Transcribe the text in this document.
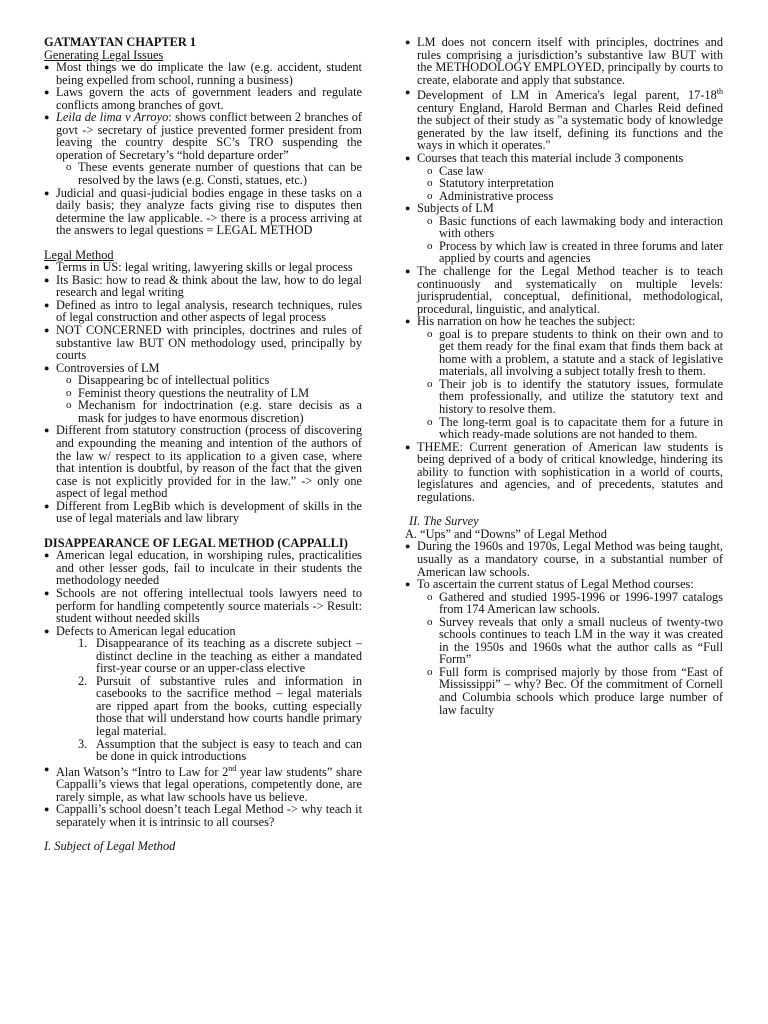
GATMAYTAN CHAPTER 1
Generating Legal Issues
● Most things we do implicate the law (e.g. accident, student being expelled from school, running a business)
● Laws govern the acts of government leaders and regulate conflicts among branches of govt.
● Leila de lima v Arroyo: shows conflict between 2 branches of govt -> secretary of justice prevented former president from leaving the country despite SC’s TRO suspending the operation of Secretary’s “hold departure order”
o These events generate number of questions that can be resolved by the laws (e.g. Consti, statues, etc.)
● Judicial and quasi-judicial bodies engage in these tasks on a daily basis; they analyze facts giving rise to disputes then determine the law applicable. -> there is a process arriving at the answers to legal questions = LEGAL METHOD
Legal Method
● Terms in US: legal writing, lawyering skills or legal process
● Its Basic: how to read & think about the law, how to do legal research and legal writing
● Defined as intro to legal analysis, research techniques, rules of legal construction and other aspects of legal process
● NOT CONCERNED with principles, doctrines and rules of substantive law BUT ON methodology used, principally by courts
● Controversies of LM
o Disappearing bc of intellectual politics
o Feminist theory questions the neutrality of LM
o Mechanism for indoctrination (e.g. stare decisis as a mask for judges to have enormous discretion)
● Different from statutory construction (process of discovering and expounding the meaning and intention of the authors of the law w/ respect to its application to a given case, where that intention is doubtful, by reason of the fact that the given case is not explicitly provided for in the law.” -> only one aspect of legal method
● Different from LegBib which is development of skills in the use of legal materials and law library
DISAPPEARANCE OF LEGAL METHOD (CAPPALLI)
● American legal education, in worshiping rules, practicalities and other lesser gods, fail to inculcate in their students the methodology needed
● Schools are not offering intellectual tools lawyers need to perform for handling competently source materials -> Result: student without needed skills
● Defects to American legal education
1. Disappearance of its teaching as a discrete subject – distinct decline in the teaching as either a mandated first-year course or an upper-class elective
2. Pursuit of substantive rules and information in casebooks to the sacrifice method – legal materials are ripped apart from the books, cutting especially those that will understand how courts handle primary legal material.
3. Assumption that the subject is easy to teach and can be done in quick introductions
● Alan Watson’s “Intro to Law for 2nd year law students” share Cappalli’s views that legal operations, competently done, are rarely simple, as what law schools have us believe.
● Cappalli’s school doesn’t teach Legal Method -> why teach it separately when it is intrinsic to all courses?
I. Subject of Legal Method
● LM does not concern itself with principles, doctrines and rules comprising a jurisdiction’s substantive law BUT with the METHODOLOGY EMPLOYED, principally by courts to create, elaborate and apply that substance.
● Development of LM in America's legal parent, 17-18th century England, Harold Berman and Charles Reid defined the subject of their study as "a systematic body of knowledge generated by the law itself, defining its functions and the ways in which it operates."
● Courses that teach this material include 3 components
o Case law
o Statutory interpretation
o Administrative process
● Subjects of LM
o Basic functions of each lawmaking body and interaction with others
o Process by which law is created in three forums and later applied by courts and agencies
● The challenge for the Legal Method teacher is to teach continuously and systematically on multiple levels: jurisprudential, conceptual, definitional, methodological, procedural, linguistic, and analytical.
● His narration on how he teaches the subject:
o goal is to prepare students to think on their own and to get them ready for the final exam that finds them back at home with a problem, a statute and a stack of legislative materials, all involving a subject totally fresh to them.
o Their job is to identify the statutory issues, formulate them professionally, and utilize the statutory text and history to resolve them.
o The long-term goal is to capacitate them for a future in which ready-made solutions are not handed to them.
● THEME: Current generation of American law students is being deprived of a body of critical knowledge, hindering its ability to function with sophistication in a world of courts, legislatures and agencies, and of precedents, statutes and regulations.
II. The Survey
A. “Ups” and “Downs” of Legal Method
● During the 1960s and 1970s, Legal Method was being taught, usually as a mandatory course, in a substantial number of American law schools.
● To ascertain the current status of Legal Method courses:
o Gathered and studied 1995-1996 or 1996-1997 catalogs from 174 American law schools.
o Survey reveals that only a small nucleus of twenty-two schools continues to teach LM in the way it was created in the 1950s and 1960s what the author calls as “Full Form”
o Full form is comprised majorly by those from “East of Mississippi” – why? Bec. Of the commitment of Cornell and Columbia schools which produce large number of law faculty
